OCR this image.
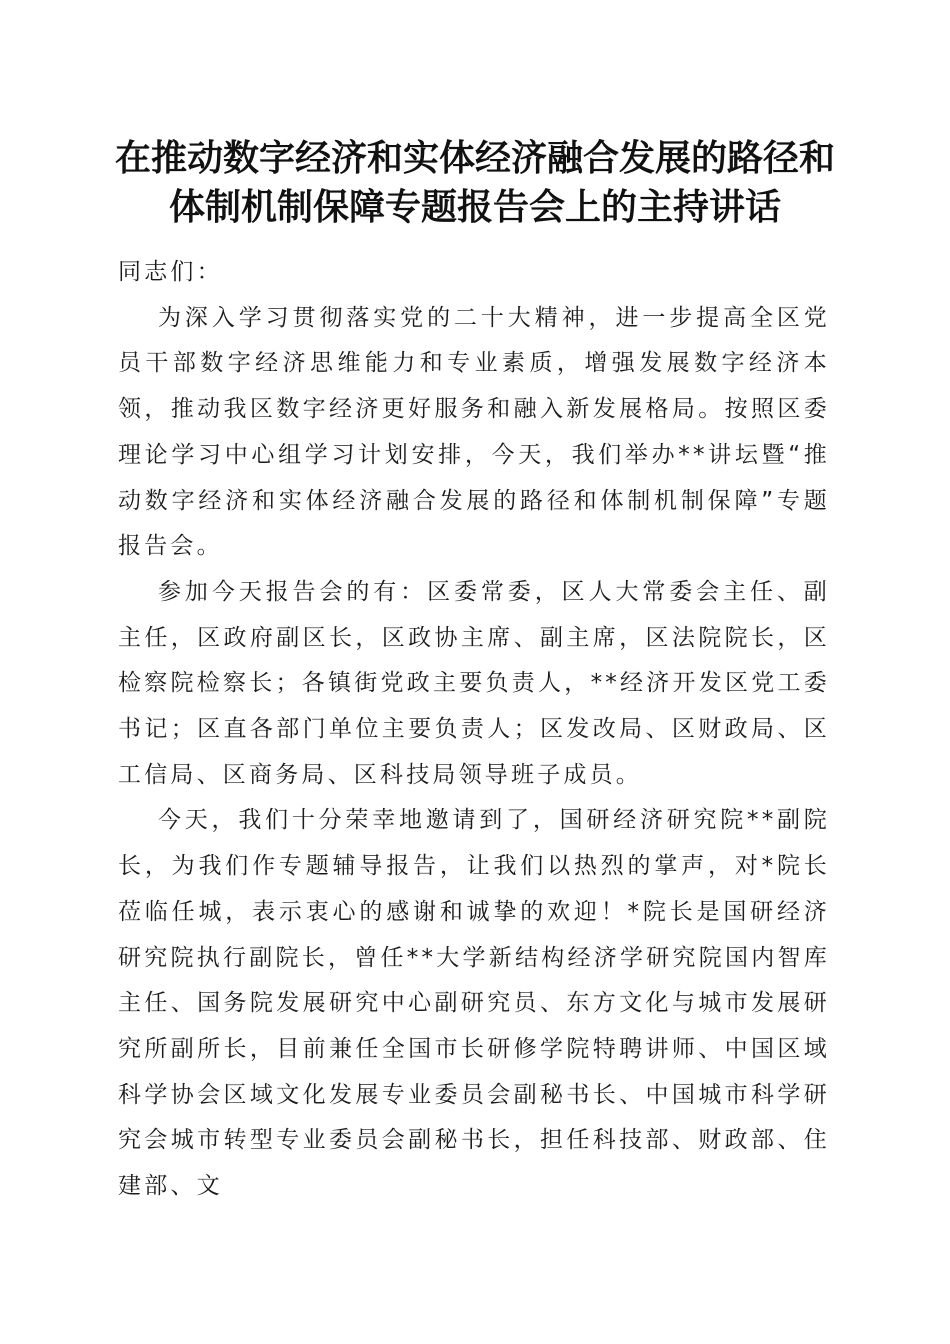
在推动数字经济和实体经济融合发展的路径和
体制机制保障专题报告会上的主持讲话

同志们：

为深入学习贯彻落实党的二十大精神，进一步提高全区党员干部数字经济思维能力和专业素质，增强发展数字经济本领，推动我区数字经济更好服务和融入新发展格局。按照区委理论学习中心组学习计划安排，今天，我们举办**讲坛暨“推动数字经济和实体经济融合发展的路径和体制机制保障”专题报告会。

参加今天报告会的有：区委常委，区人大常委会主任、副主任，区政府副区长，区政协主席、副主席，区法院院长，区检察院检察长；各镇街党政主要负责人，**经济开发区党工委书记；区直各部门单位主要负责人；区发改局、区财政局、区工信局、区商务局、区科技局领导班子成员。

今天，我们十分荣幸地邀请到了，国研经济研究院**副院长，为我们作专题辅导报告，让我们以热烈的掌声，对*院长莅临任城，表示衷心的感谢和诚挚的欢迎！*院长是国研经济研究院执行副院长，曾任**大学新结构经济学研究院国内智库主任、国务院发展研究中心副研究员、东方文化与城市发展研究所副所长，目前兼任全国市长研修学院特聘讲师、中国区域科学协会区域文化发展专业委员会副秘书长、中国城市科学研究会城市转型专业委员会副秘书长，担任科技部、财政部、住建部、文
